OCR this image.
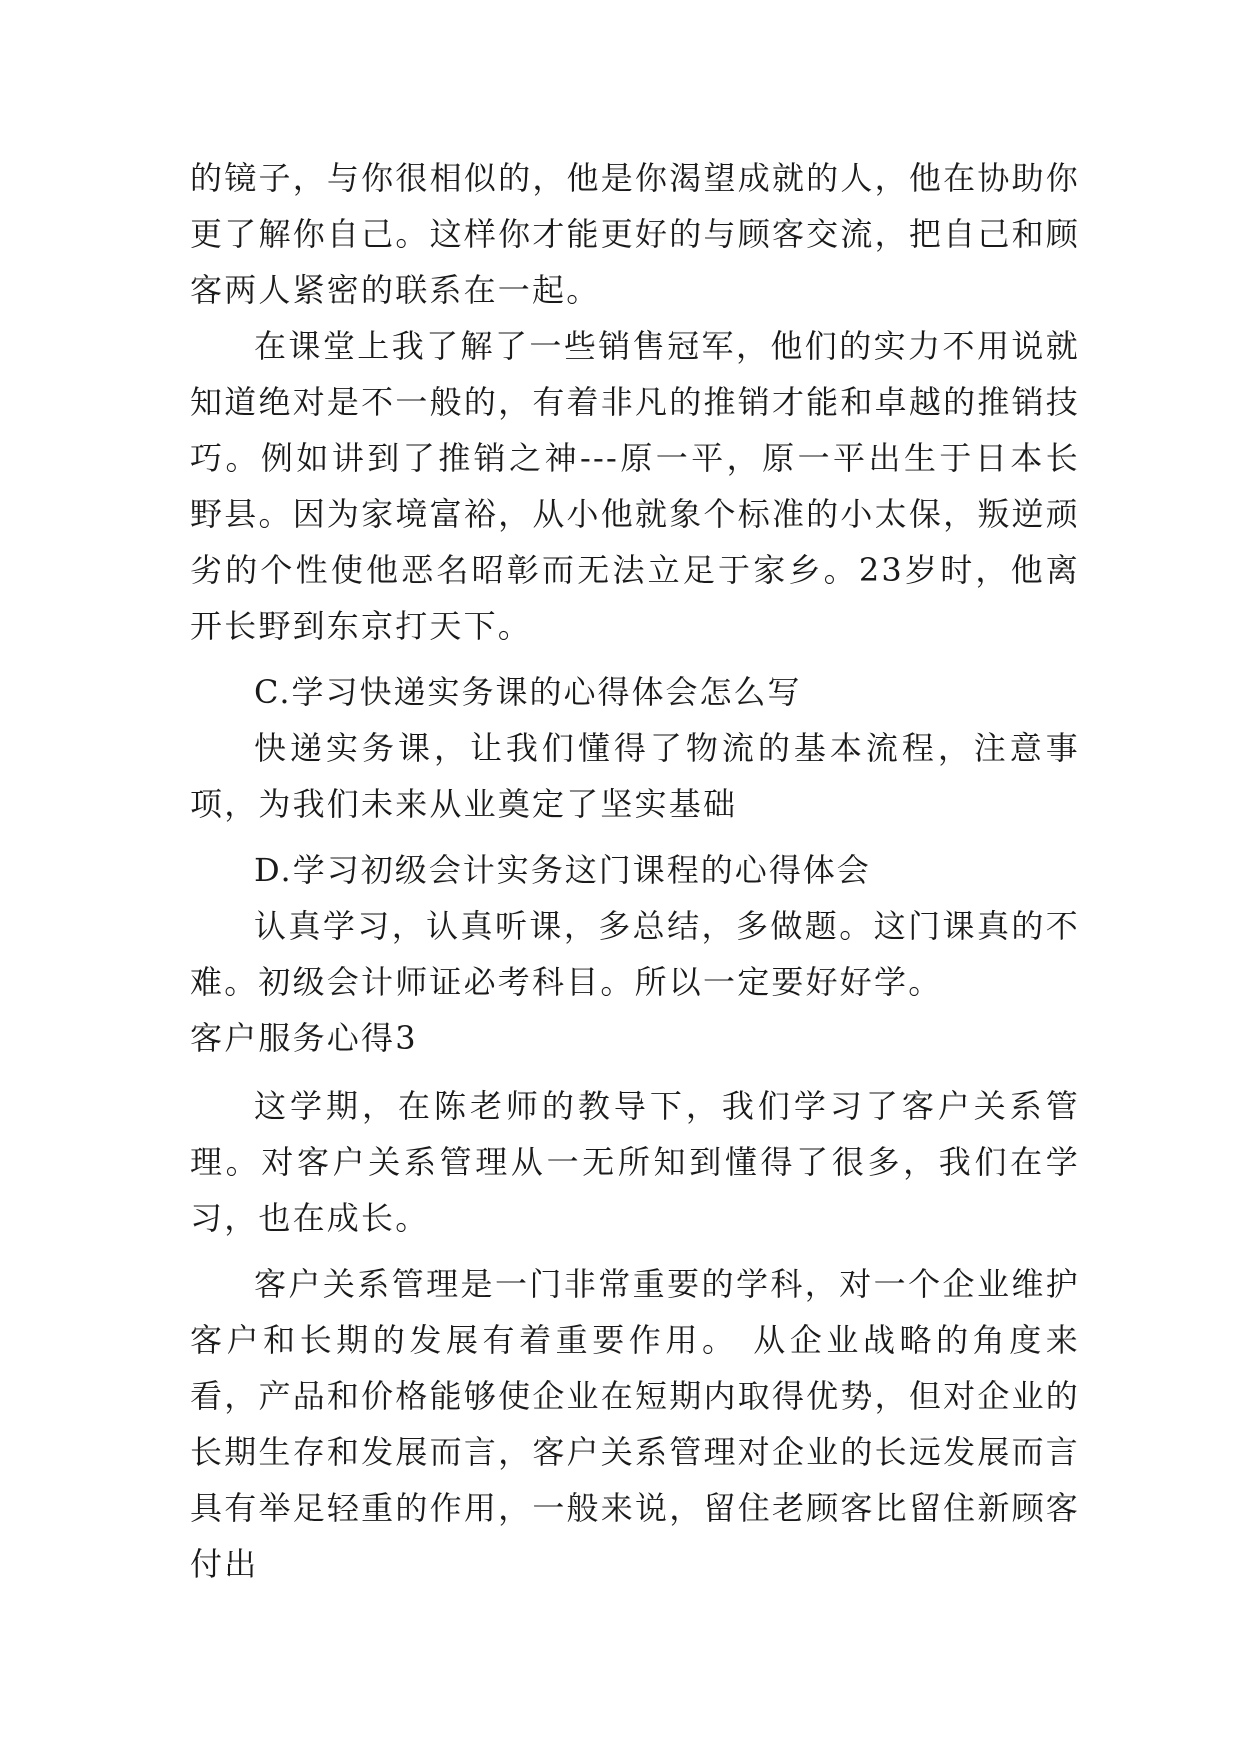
的镜子，与你很相似的，他是你渴望成就的人，他在协助你更了解你自己。这样你才能更好的与顾客交流，把自己和顾客两人紧密的联系在一起。

在课堂上我了解了一些销售冠军，他们的实力不用说就知道绝对是不一般的，有着非凡的推销才能和卓越的推销技巧。例如讲到了推销之神---原一平，原一平出生于日本长野县。因为家境富裕，从小他就象个标准的小太保，叛逆顽劣的个性使他恶名昭彰而无法立足于家乡。23岁时，他离开长野到东京打天下。

C.学习快递实务课的心得体会怎么写

快递实务课，让我们懂得了物流的基本流程，注意事项，为我们未来从业奠定了坚实基础

D.学习初级会计实务这门课程的心得体会

认真学习，认真听课，多总结，多做题。这门课真的不难。初级会计师证必考科目。所以一定要好好学。

客户服务心得3

这学期，在陈老师的教导下，我们学习了客户关系管理。对客户关系管理从一无所知到懂得了很多，我们在学习，也在成长。

客户关系管理是一门非常重要的学科，对一个企业维护客户和长期的发展有着重要作用。 从企业战略的角度来看，产品和价格能够使企业在短期内取得优势，但对企业的长期生存和发展而言，客户关系管理对企业的长远发展而言具有举足轻重的作用，一般来说，留住老顾客比留住新顾客付出
